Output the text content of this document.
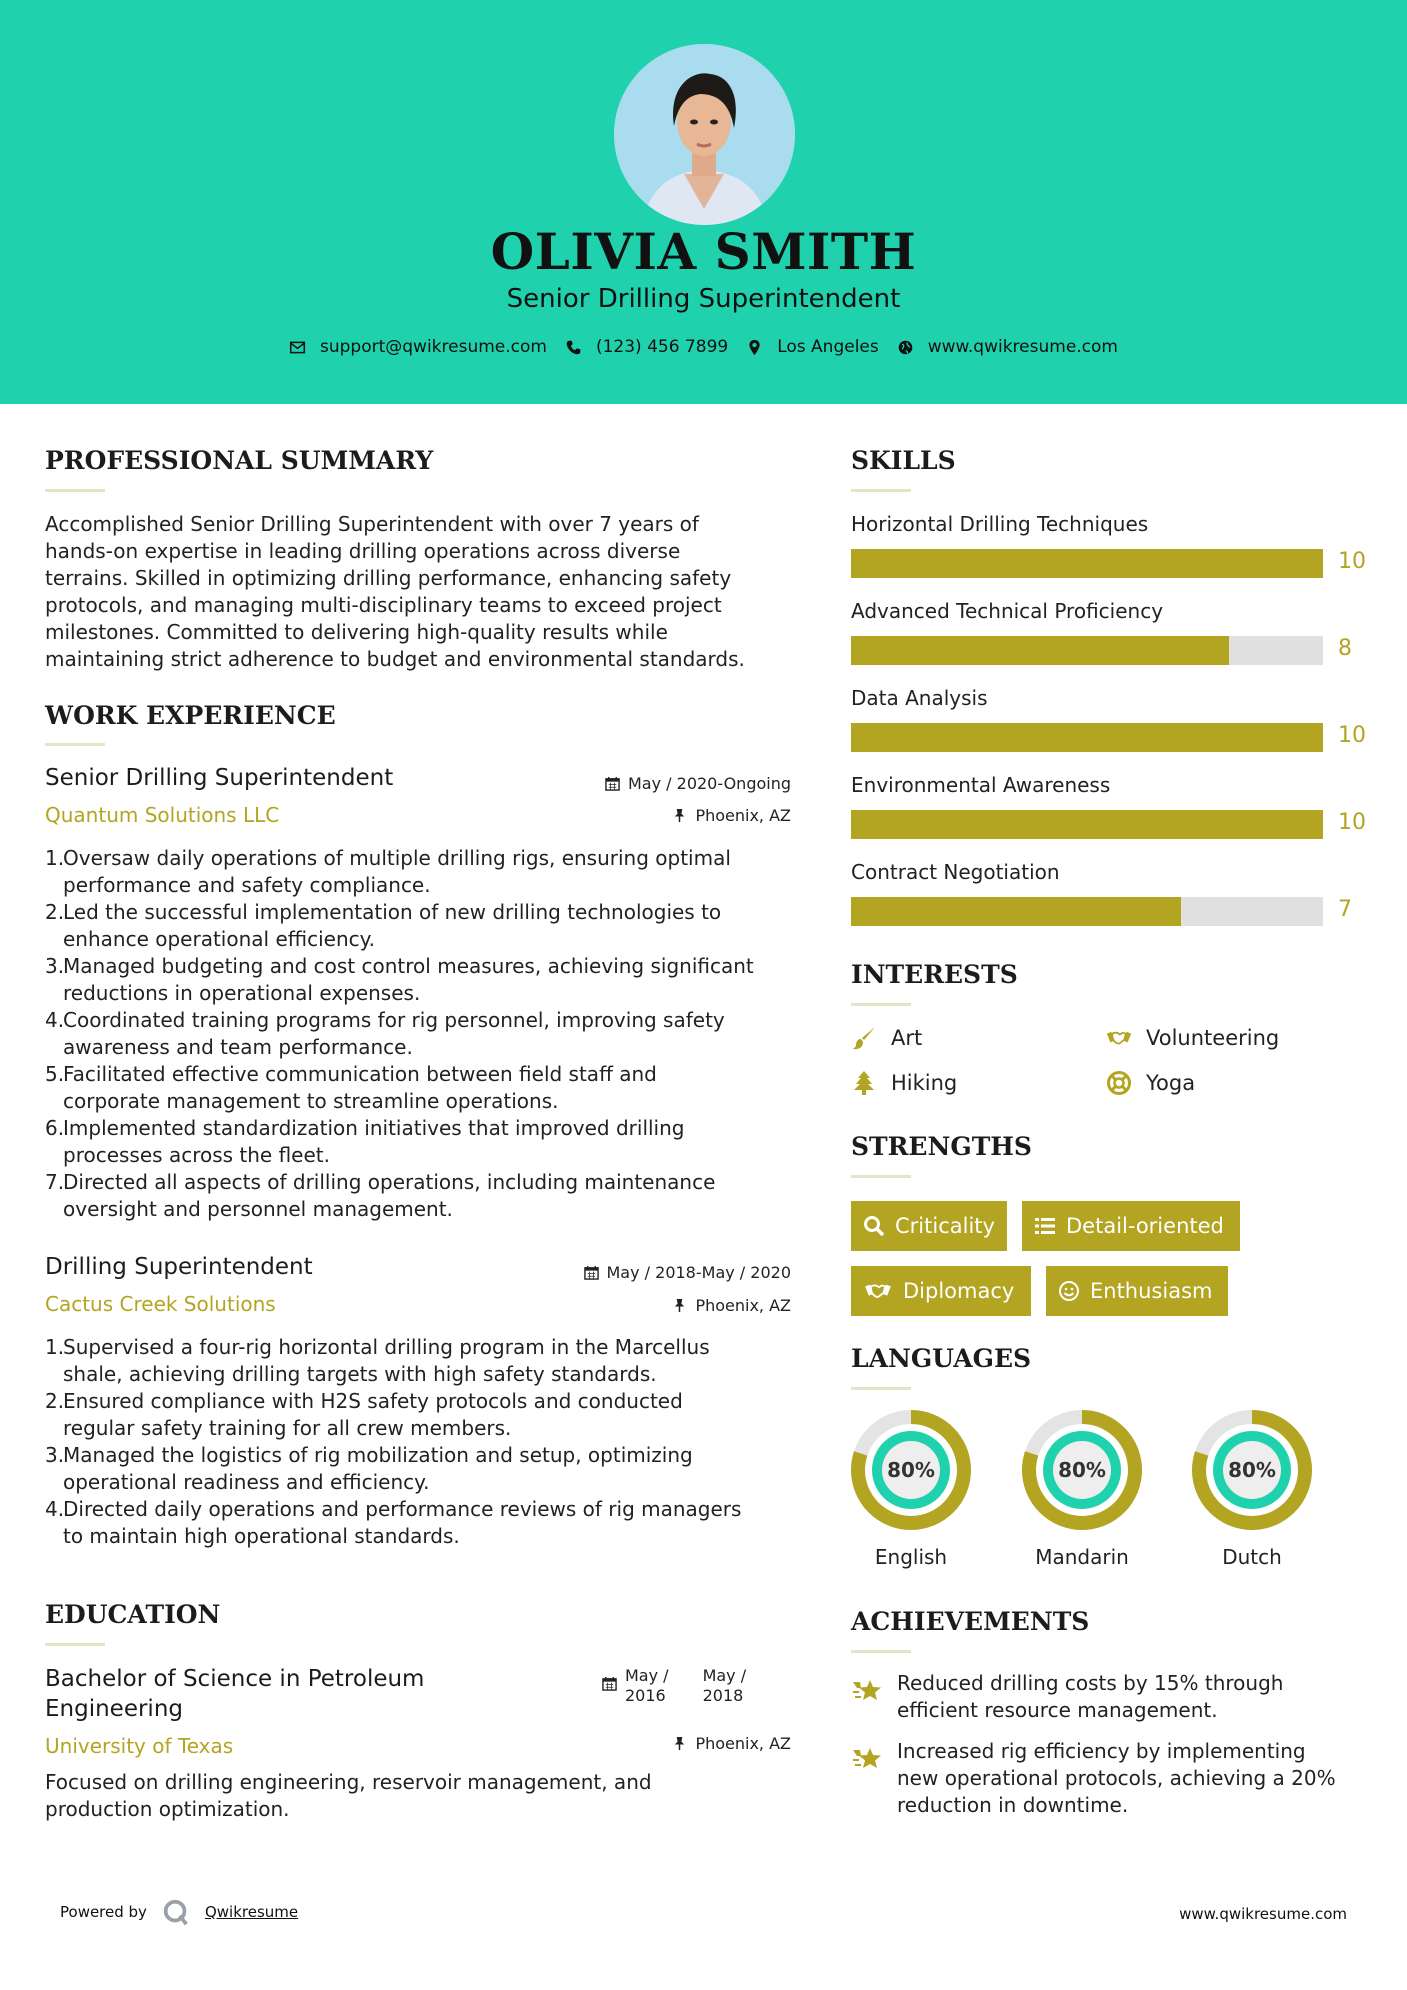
OLIVIA SMITH
Senior Drilling Superintendent
support@qwikresume.com	(123) 456 7899	Los Angeles	www.qwikresume.com
PROFESSIONAL SUMMARY
Accomplished Senior Drilling Superintendent with over 7 years of
hands-on expertise in leading drilling operations across diverse
terrains. Skilled in optimizing drilling performance, enhancing safety
protocols, and managing multi-disciplinary teams to exceed project
milestones. Committed to delivering high-quality results while
maintaining strict adherence to budget and environmental standards.
WORK EXPERIENCE
Senior Drilling Superintendent
Quantum Solutions LLC
May / 2020-Ongoing
Phoenix, AZ
1.
Oversaw daily operations of multiple drilling rigs, ensuring optimal
performance and safety compliance.
2.
Led the successful implementation of new drilling technologies to
enhance operational efficiency.
3.
Managed budgeting and cost control measures, achieving significant
reductions in operational expenses.
4.
Coordinated training programs for rig personnel, improving safety
awareness and team performance.
5.
Facilitated effective communication between field staff and
corporate management to streamline operations.
6.
Implemented standardization initiatives that improved drilling
processes across the fleet.
7.
Directed all aspects of drilling operations, including maintenance
oversight and personnel management.
Drilling Superintendent
Cactus Creek Solutions
May / 2018-May / 2020
Phoenix, AZ
1.
Supervised a four-rig horizontal drilling program in the Marcellus
shale, achieving drilling targets with high safety standards.
2.
Ensured compliance with H2S safety protocols and conducted
regular safety training for all crew members.
3.
Managed the logistics of rig mobilization and setup, optimizing
operational readiness and efficiency.
4.
Directed daily operations and performance reviews of rig managers
to maintain high operational standards.
EDUCATION
Bachelor of Science in Petroleum
Engineering
University of Texas
May /
2016
May /
2018
Phoenix, AZ
Focused on drilling engineering, reservoir management, and
production optimization.
SKILLS
Horizontal Drilling Techniques
10
Advanced Technical Proficiency
8
Data Analysis
10
Environmental Awareness
10
Contract Negotiation
7
INTERESTS
Art	Volunteering
Hiking	Yoga
STRENGTHS
Criticality	Detail-oriented
Diplomacy	Enthusiasm
LANGUAGES
80%
English
80%
Mandarin
80%
Dutch
ACHIEVEMENTS
Reduced drilling costs by 15% through
efficient resource management.
Increased rig efficiency by implementing
new operational protocols, achieving a 20%
reduction in downtime.
Powered by	Qwikresume	www.qwikresume.com
